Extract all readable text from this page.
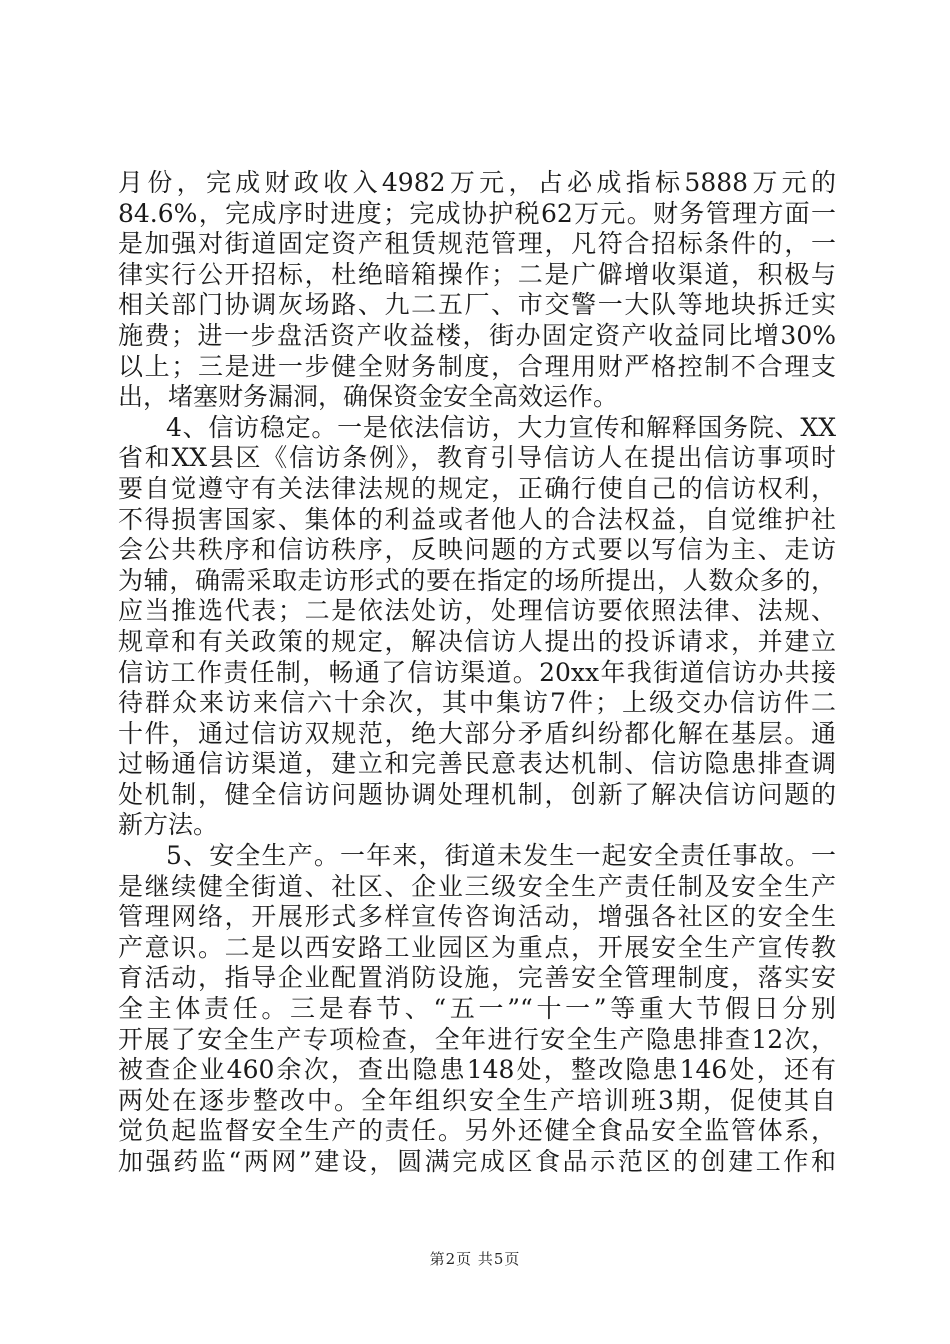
月份，完成财政收入4982万元，占必成指标5888万元的
84.6%，完成序时进度；完成协护税62万元。财务管理方面一
是加强对街道固定资产租赁规范管理，凡符合招标条件的，一
律实行公开招标，杜绝暗箱操作；二是广僻增收渠道，积极与
相关部门协调灰场路、九二五厂、市交警一大队等地块拆迁实
施费；进一步盘活资产收益楼，街办固定资产收益同比增30%
以上；三是进一步健全财务制度，合理用财严格控制不合理支
出，堵塞财务漏洞，确保资金安全高效运作。
4、信访稳定。一是依法信访，大力宣传和解释国务院、XX
省和XX县区《信访条例》，教育引导信访人在提出信访事项时
要自觉遵守有关法律法规的规定，正确行使自己的信访权利，
不得损害国家、集体的利益或者他人的合法权益，自觉维护社
会公共秩序和信访秩序，反映问题的方式要以写信为主、走访
为辅，确需采取走访形式的要在指定的场所提出，人数众多的，
应当推选代表；二是依法处访，处理信访要依照法律、法规、
规章和有关政策的规定，解决信访人提出的投诉请求，并建立
信访工作责任制，畅通了信访渠道。20xx年我街道信访办共接
待群众来访来信六十余次，其中集访7件；上级交办信访件二
十件，通过信访双规范，绝大部分矛盾纠纷都化解在基层。通
过畅通信访渠道，建立和完善民意表达机制、信访隐患排查调
处机制，健全信访问题协调处理机制，创新了解决信访问题的
新方法。
5、安全生产。一年来，街道未发生一起安全责任事故。一
是继续健全街道、社区、企业三级安全生产责任制及安全生产
管理网络，开展形式多样宣传咨询活动，增强各社区的安全生
产意识。二是以西安路工业园区为重点，开展安全生产宣传教
育活动，指导企业配置消防设施，完善安全管理制度，落实安
全主体责任。三是春节、“五一”“十一”等重大节假日分别
开展了安全生产专项检查，全年进行安全生产隐患排查12次，
被查企业460余次，查出隐患148处，整改隐患146处，还有
两处在逐步整改中。全年组织安全生产培训班3期，促使其自
觉负起监督安全生产的责任。另外还健全食品安全监管体系，
加强药监“两网”建设，圆满完成区食品示范区的创建工作和
第2页 共5页
